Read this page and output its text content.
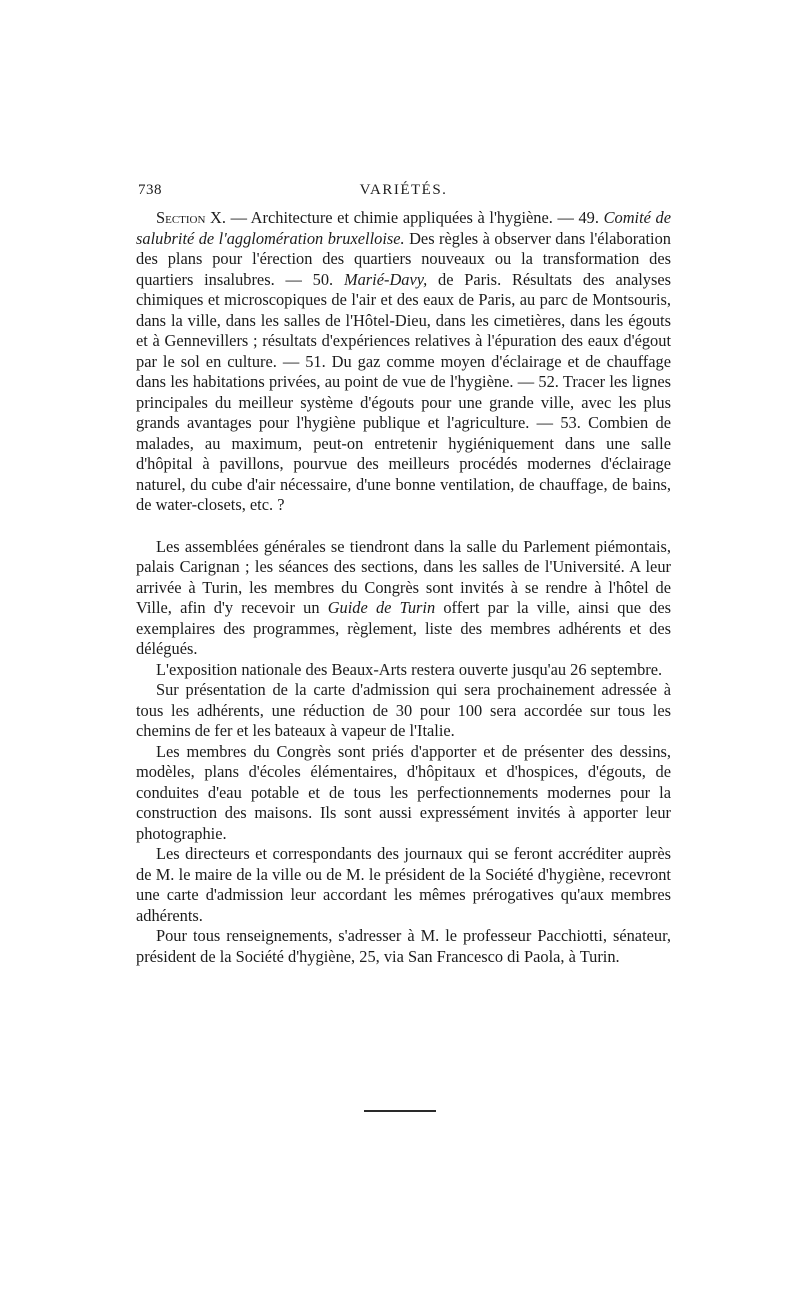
738	VARIÉTÉS.

Section X. — Architecture et chimie appliquées à l'hygiène. — 49. Comité de salubrité de l'agglomération bruxelloise. Des règles à observer dans l'élaboration des plans pour l'érection des quartiers nouveaux ou la transformation des quartiers insalubres. — 50. Marié-Davy, de Paris. Résultats des analyses chimiques et microscopiques de l'air et des eaux de Paris, au parc de Montsouris, dans la ville, dans les salles de l'Hôtel-Dieu, dans les cimetières, dans les égouts et à Gennevillers ; résultats d'expériences relatives à l'épuration des eaux d'égout par le sol en culture. — 51. Du gaz comme moyen d'éclairage et de chauffage dans les habitations privées, au point de vue de l'hygiène. — 52. Tracer les lignes principales du meilleur système d'égouts pour une grande ville, avec les plus grands avantages pour l'hygiène publique et l'agriculture. — 53. Combien de malades, au maximum, peut-on entretenir hygiéniquement dans une salle d'hôpital à pavillons, pourvue des meilleurs procédés modernes d'éclairage naturel, du cube d'air nécessaire, d'une bonne ventilation, de chauffage, de bains, de water-closets, etc. ?

Les assemblées générales se tiendront dans la salle du Parlement piémontais, palais Carignan ; les séances des sections, dans les salles de l'Université. A leur arrivée à Turin, les membres du Congrès sont invités à se rendre à l'hôtel de Ville, afin d'y recevoir un Guide de Turin offert par la ville, ainsi que des exemplaires des programmes, règlement, liste des membres adhérents et des délégués.

L'exposition nationale des Beaux-Arts restera ouverte jusqu'au 26 septembre.

Sur présentation de la carte d'admission qui sera prochainement adressée à tous les adhérents, une réduction de 30 pour 100 sera accordée sur tous les chemins de fer et les bateaux à vapeur de l'Italie.

Les membres du Congrès sont priés d'apporter et de présenter des dessins, modèles, plans d'écoles élémentaires, d'hôpitaux et d'hospices, d'égouts, de conduites d'eau potable et de tous les perfectionnements modernes pour la construction des maisons. Ils sont aussi expressément invités à apporter leur photographie.

Les directeurs et correspondants des journaux qui se feront accréditer auprès de M. le maire de la ville ou de M. le président de la Société d'hygiène, recevront une carte d'admission leur accordant les mêmes prérogatives qu'aux membres adhérents.

Pour tous renseignements, s'adresser à M. le professeur Pacchiotti, sénateur, président de la Société d'hygiène, 25, via San Francesco di Paola, à Turin.
